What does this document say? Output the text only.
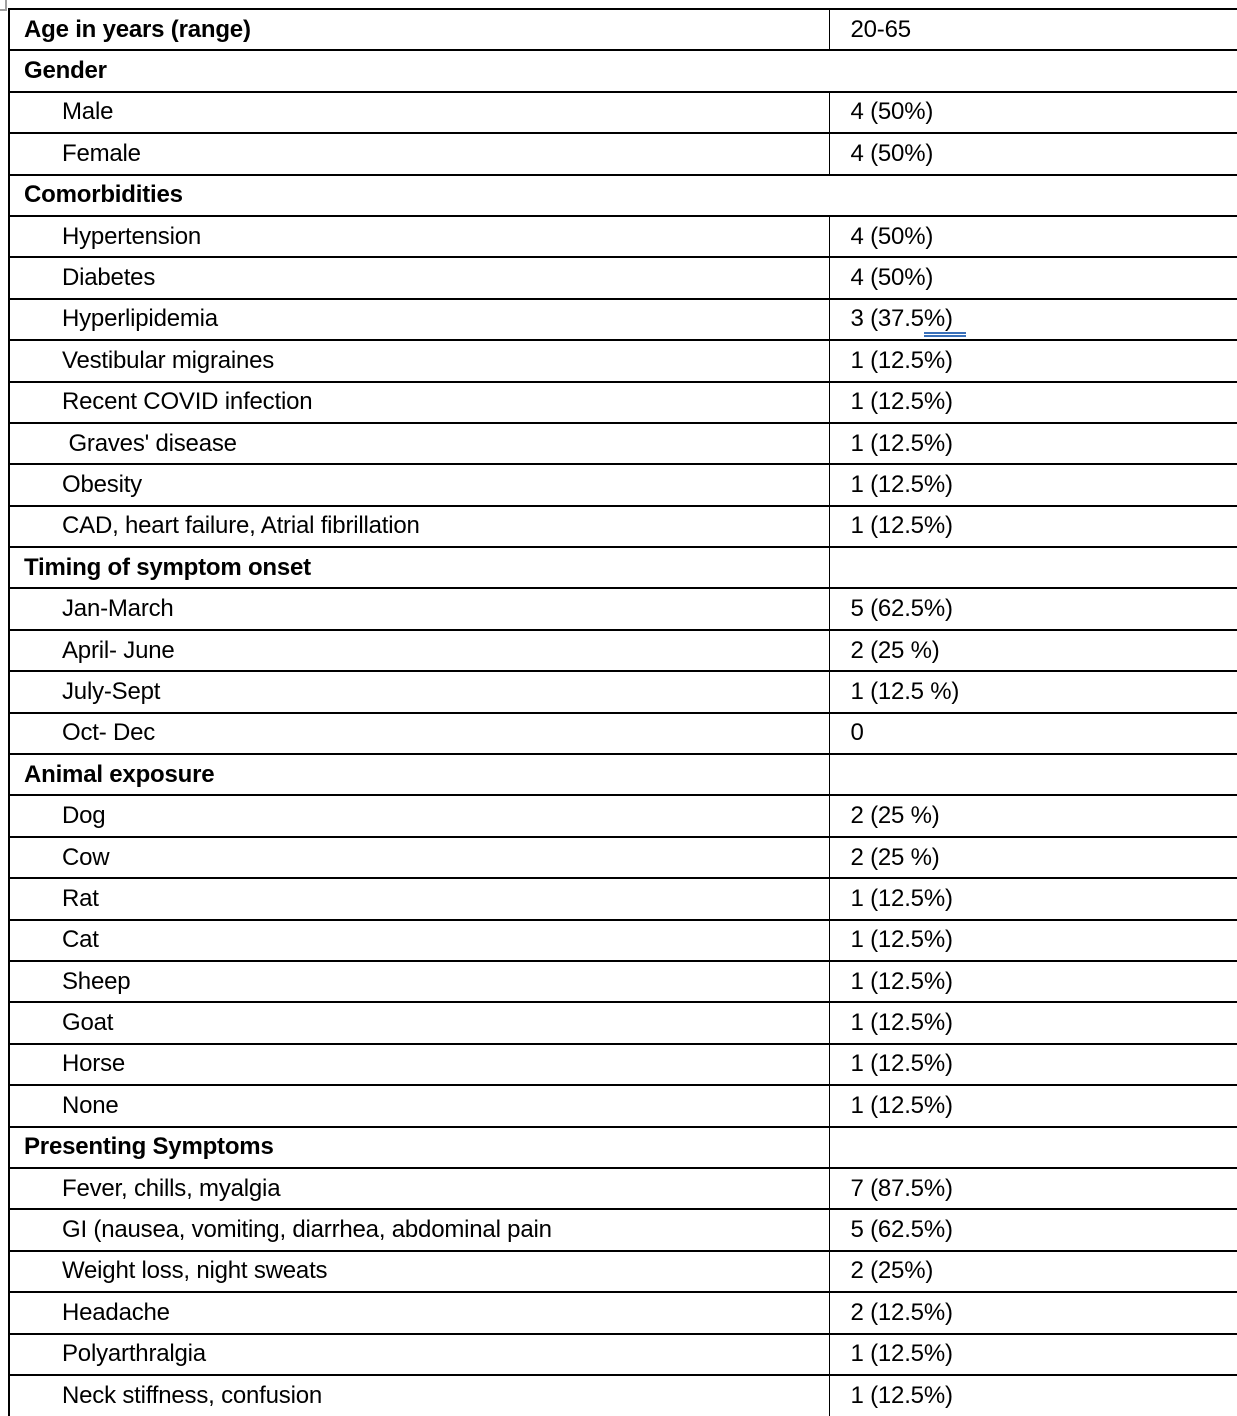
Age in years (range)	20-65
Gender	
Male	4 (50%)
Female	4 (50%)
Comorbidities	
Hypertension	4 (50%)
Diabetes	4 (50%)
Hyperlipidemia	3 (37.5%)
Vestibular migraines	1 (12.5%)
Recent COVID infection	1 (12.5%)
Graves' disease	1 (12.5%)
Obesity	1 (12.5%)
CAD, heart failure, Atrial fibrillation	1 (12.5%)
Timing of symptom onset	
Jan-March	5 (62.5%)
April- June	2 (25 %)
July-Sept	1 (12.5 %)
Oct- Dec	0
Animal exposure	
Dog	2 (25 %)
Cow	2 (25 %)
Rat	1 (12.5%)
Cat	1 (12.5%)
Sheep	1 (12.5%)
Goat	1 (12.5%)
Horse	1 (12.5%)
None	1 (12.5%)
Presenting Symptoms	
Fever, chills, myalgia	7 (87.5%)
GI (nausea, vomiting, diarrhea, abdominal pain	5 (62.5%)
Weight loss, night sweats	2 (25%)
Headache	2 (12.5%)
Polyarthralgia	1 (12.5%)
Neck stiffness, confusion	1 (12.5%)
